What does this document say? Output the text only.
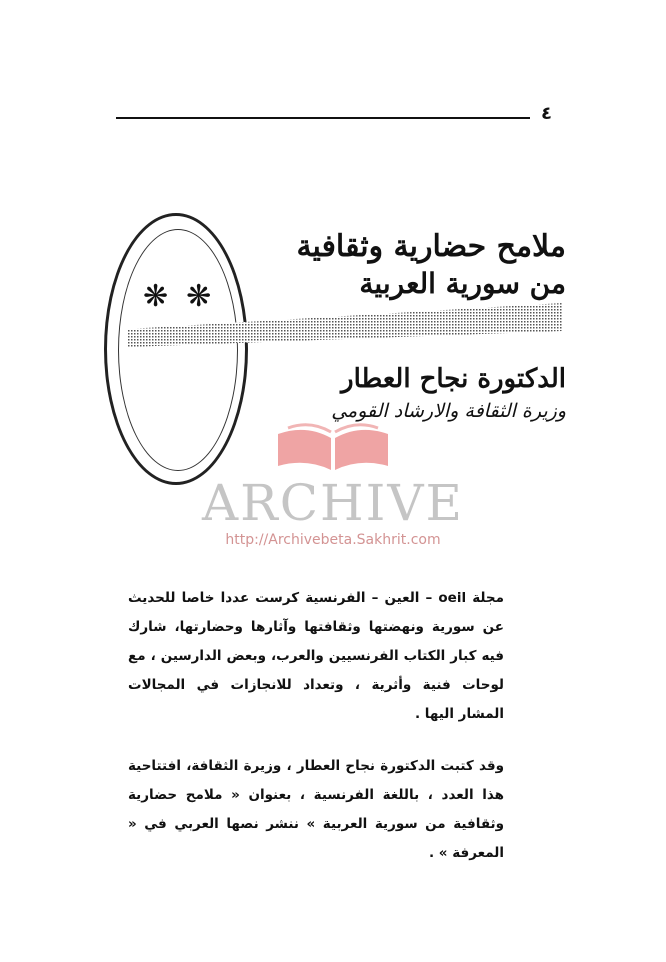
٤
ملامح حضارية وثقافية
من سورية العربية
❋ ❋
الدكتورة نجاح العطار
وزيرة الثقافة والارشاد القومي
ARCHIVE
http://Archivebeta.Sakhrit.com

مجلة oeil – العين – الفرنسية كرست عددا خاصا للحديث عن سورية ونهضتها وثقافتها وآثارها وحضارتها، شارك فيه كبار الكتاب الفرنسيين والعرب، وبعض الدارسين ، مع لوحات فنية وأثرية ، وتعداد للانجازات في المجالات المشار اليها .

وقد كتبت الدكتورة نجاح العطار ، وزيرة الثقافة، افتتاحية هذا العدد ، باللغة الفرنسية ، بعنوان « ملامح حضارية وثقافية من سورية العربية » ننشر نصها العربي في « المعرفة » .
